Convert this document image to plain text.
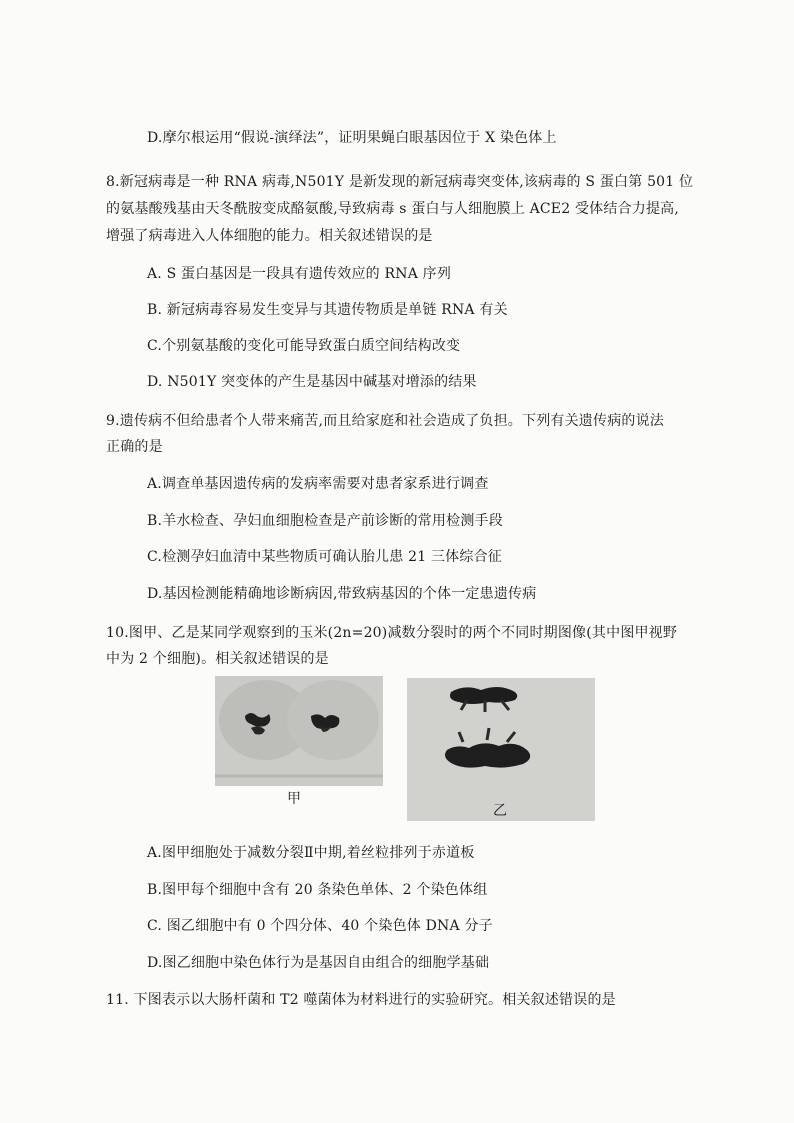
D.摩尔根运用“假说-演绎法”，证明果蝇白眼基因位于 X 染色体上
8.新冠病毒是一种 RNA 病毒,N501Y 是新发现的新冠病毒突变体,该病毒的 S 蛋白第 501 位
的氨基酸残基由天冬酰胺变成酪氨酸,导致病毒 s 蛋白与人细胞膜上 ACE2 受体结合力提高,
增强了病毒进入人体细胞的能力。相关叙述错误的是
A. S 蛋白基因是一段具有遗传效应的 RNA 序列
B. 新冠病毒容易发生变异与其遗传物质是单链 RNA 有关
C.个别氨基酸的变化可能导致蛋白质空间结构改变
D. N501Y 突变体的产生是基因中碱基对增添的结果
9.遗传病不但给患者个人带来痛苦,而且给家庭和社会造成了负担。下列有关遗传病的说法
正确的是
A.调查单基因遗传病的发病率需要对患者家系进行调查
B.羊水检查、孕妇血细胞检查是产前诊断的常用检测手段
C.检测孕妇血清中某些物质可确认胎儿患 21 三体综合征
D.基因检测能精确地诊断病因,带致病基因的个体一定患遗传病
10.图甲、乙是某同学观察到的玉米(2n=20)减数分裂时的两个不同时期图像(其中图甲视野
中为 2 个细胞)。相关叙述错误的是
甲
乙
A.图甲细胞处于减数分裂Ⅱ中期,着丝粒排列于赤道板
B.图甲每个细胞中含有 20 条染色单体、2 个染色体组
C. 图乙细胞中有 0 个四分体、40 个染色体 DNA 分子
D.图乙细胞中染色体行为是基因自由组合的细胞学基础
11. 下图表示以大肠杆菌和 T2 噬菌体为材料进行的实验研究。相关叙述错误的是
